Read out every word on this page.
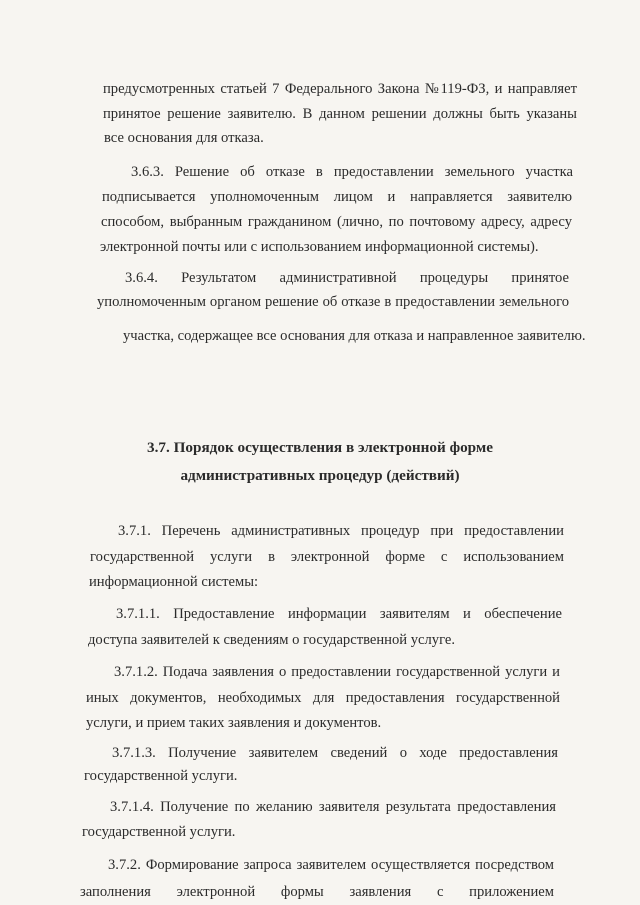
предусмотренных статьей 7 Федерального Закона №119-ФЗ, и направляет
принятое решение заявителю. В данном решении должны быть указаны
все основания для отказа.
3.6.3. Решение об отказе в предоставлении земельного участка
подписывается уполномоченным лицом и направляется заявителю
способом, выбранным гражданином (лично, по почтовому адресу, адресу
электронной почты или с использованием информационной системы).
3.6.4. Результатом административной процедуры принятое
уполномоченным органом решение об отказе в предоставлении земельного
участка, содержащее все основания для отказа и направленное заявителю.
3.7. Порядок осуществления в электронной форме
административных процедур (действий)
3.7.1. Перечень административных процедур при предоставлении
государственной услуги в электронной форме с использованием
информационной системы:
3.7.1.1. Предоставление информации заявителям и обеспечение
доступа заявителей к сведениям о государственной услуге.
3.7.1.2. Подача заявления о предоставлении государственной услуги и
иных документов, необходимых для предоставления государственной
услуги, и прием таких заявления и документов.
3.7.1.3. Получение заявителем сведений о ходе предоставления
государственной услуги.
3.7.1.4. Получение по желанию заявителя результата предоставления
государственной услуги.
3.7.2. Формирование запроса заявителем осуществляется посредством
заполнения электронной формы заявления с приложением
